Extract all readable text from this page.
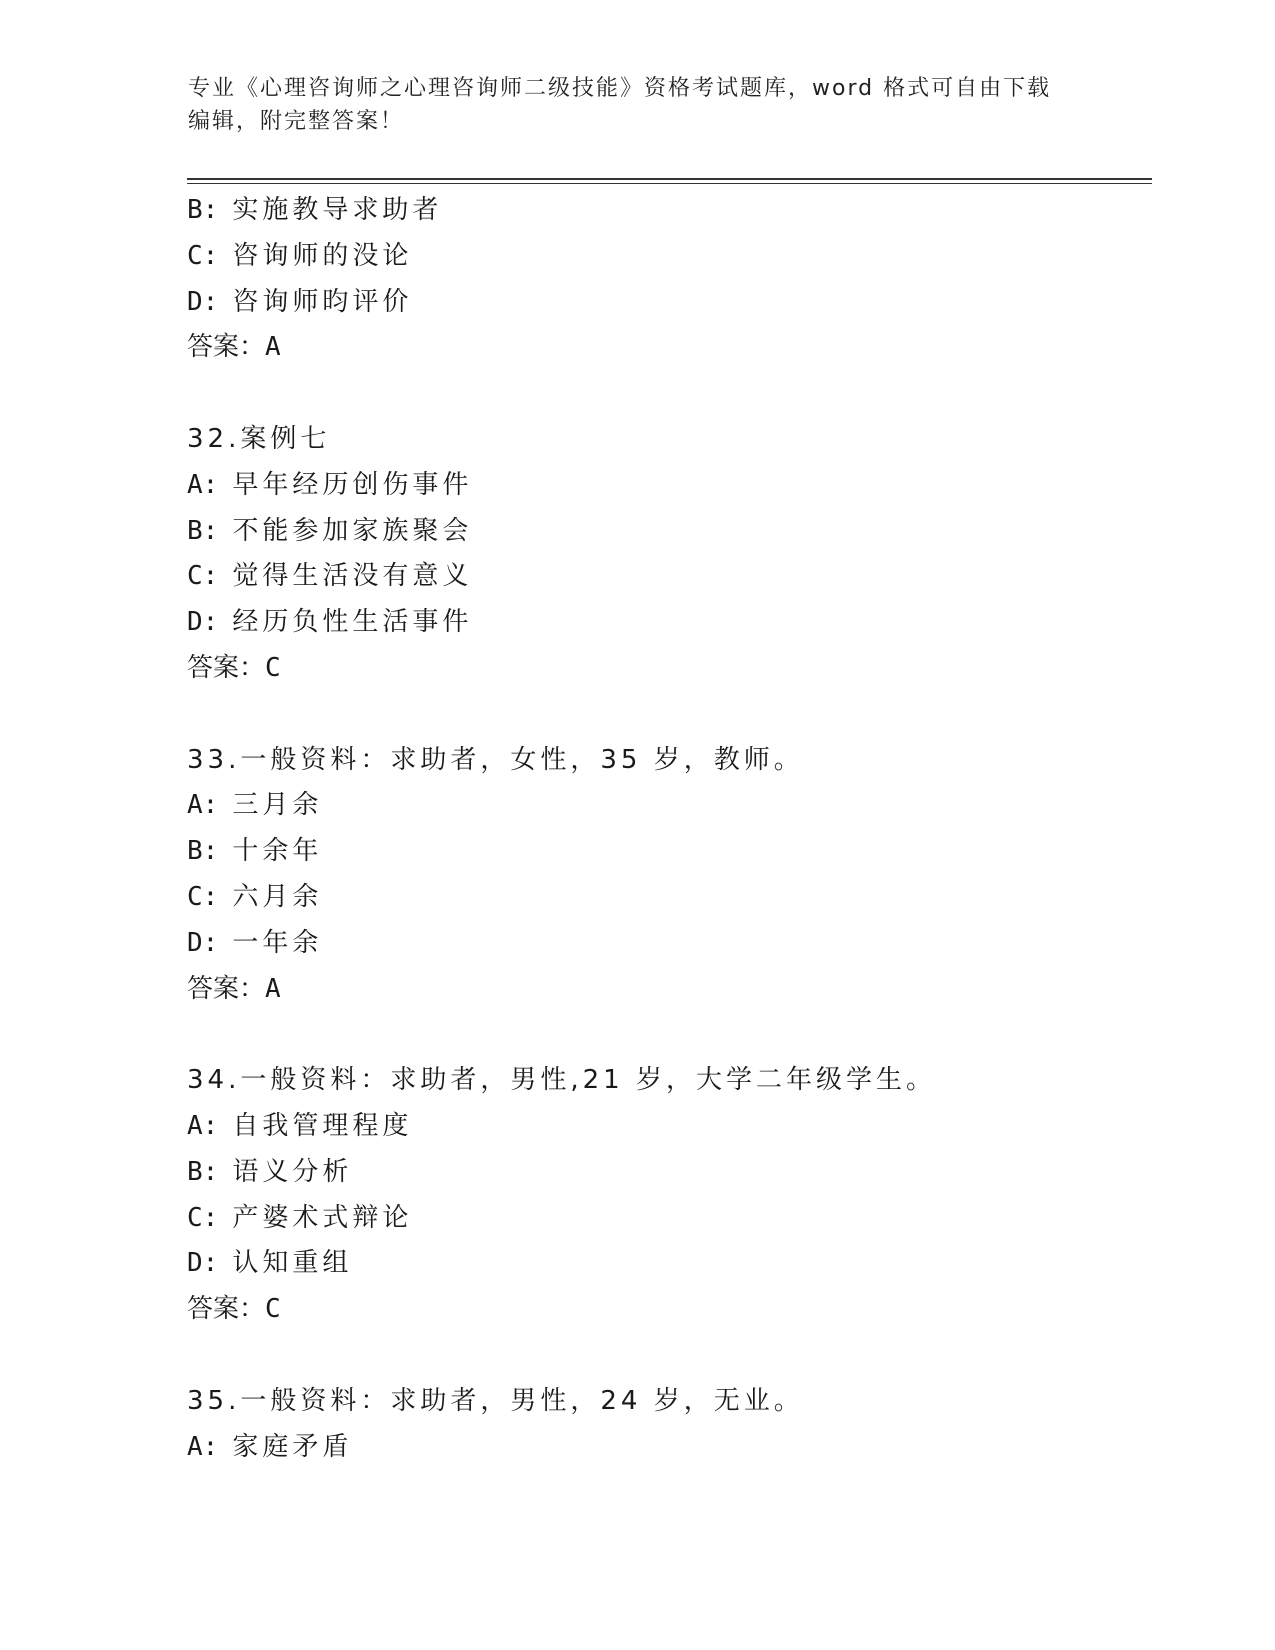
专业《心理咨询师之心理咨询师二级技能》资格考试题库，word 格式可自由下载
编辑，附完整答案！
B: 实施教导求助者
C: 咨询师的没论
D: 咨询师昀评价
答案：A
32.案例七
A: 早年经历创伤事件
B: 不能参加家族聚会
C: 觉得生活没有意义
D: 经历负性生活事件
答案：C
33.一般资料：求助者，女性，35 岁，教师。
A: 三月余
B: 十余年
C: 六月余
D: 一年余
答案：A
34.一般资料：求助者，男性,21 岁，大学二年级学生。
A: 自我管理程度
B: 语义分析
C: 产婆术式辩论
D: 认知重组
答案：C
35.一般资料：求助者，男性，24 岁，无业。
A: 家庭矛盾
